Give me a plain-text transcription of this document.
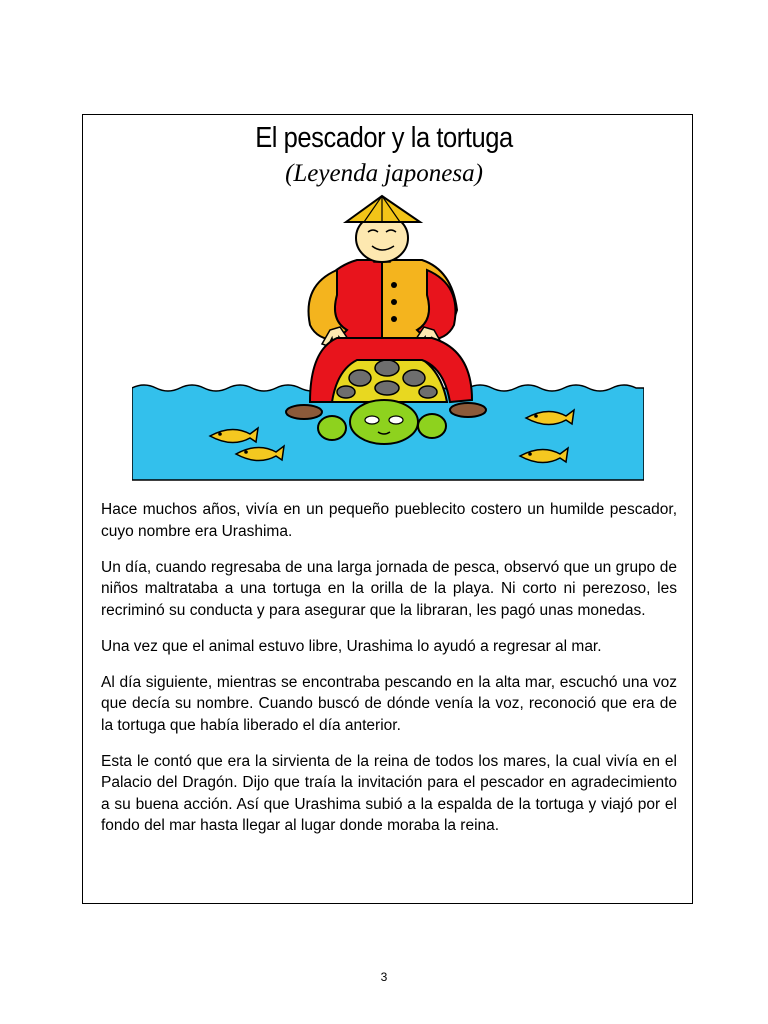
El pescador y la tortuga
(Leyenda japonesa)

Hace muchos años, vivía en un pequeño pueblecito costero un humilde pescador, cuyo nombre era Urashima.

Un día, cuando regresaba de una larga jornada de pesca, observó que un grupo de niños maltrataba a una tortuga en la orilla de la playa. Ni corto ni perezoso, les recriminó su conducta y para asegurar que la libraran, les pagó unas monedas.

Una vez que el animal estuvo libre, Urashima lo ayudó a regresar al mar.

Al día siguiente, mientras se encontraba pescando en la alta mar, escuchó una voz que decía su nombre. Cuando buscó de dónde venía la voz, reconoció que era de la tortuga que había liberado el día anterior.

Esta le contó que era la sirvienta de la reina de todos los mares, la cual vivía en el Palacio del Dragón. Dijo que traía la invitación para el pescador en agradecimiento a su buena acción. Así que Urashima subió a la espalda de la tortuga y viajó por el fondo del mar hasta llegar al lugar donde moraba la reina.

3
